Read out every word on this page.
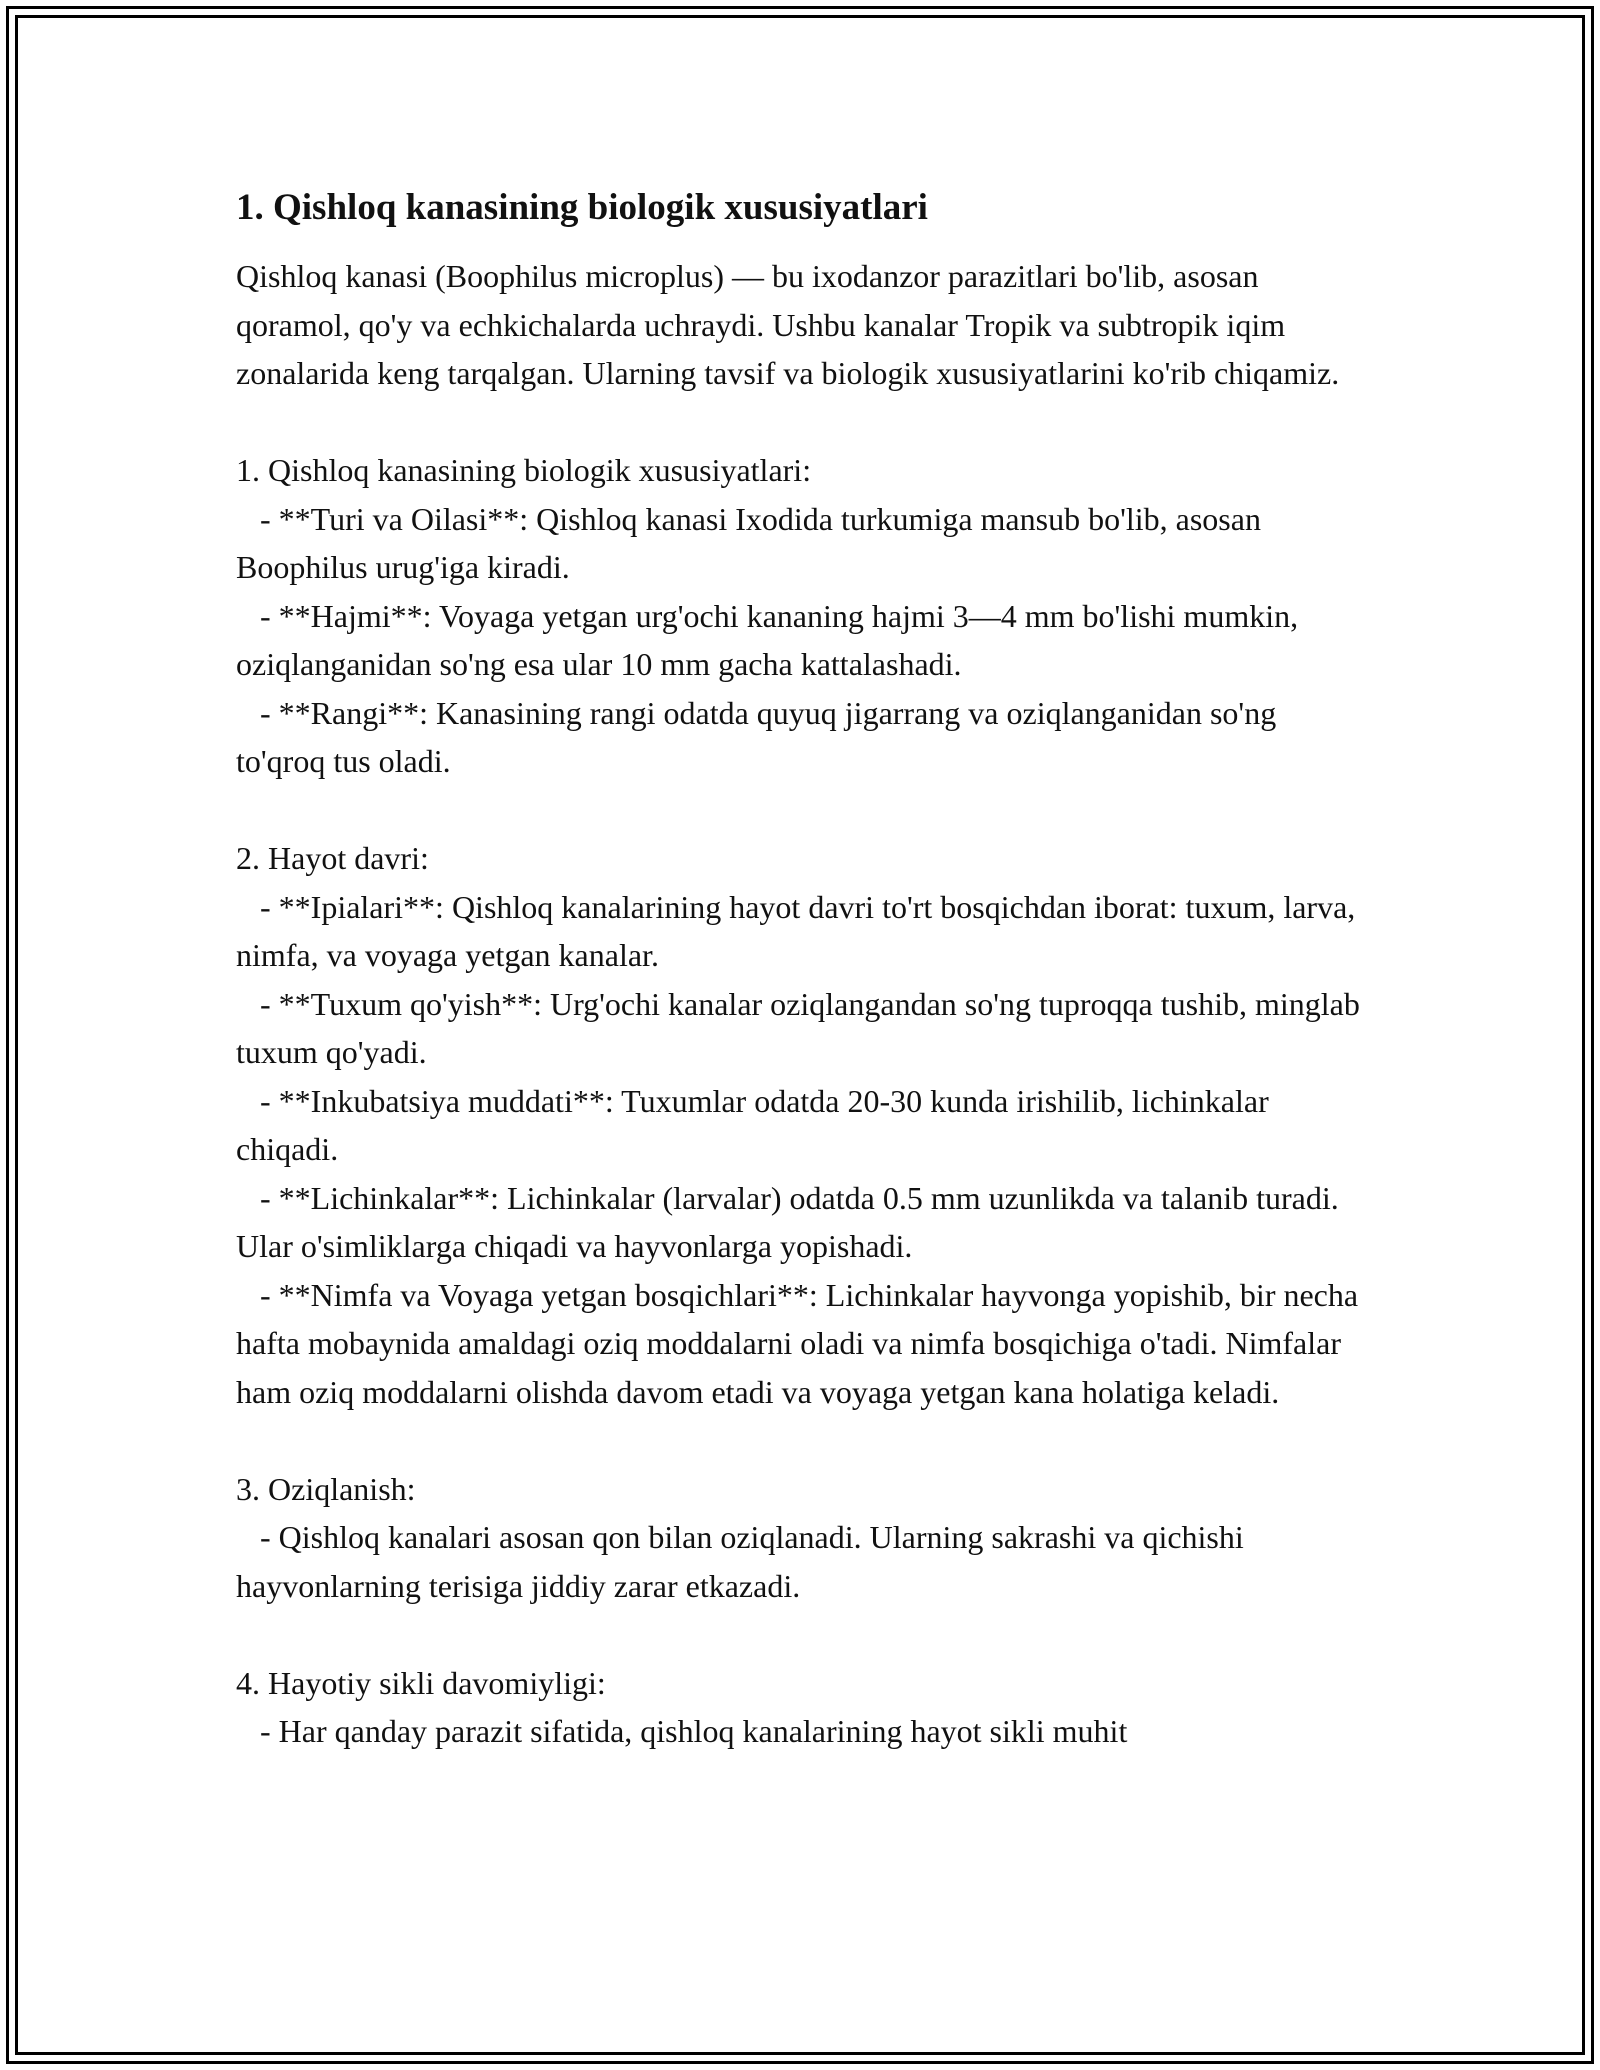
1. Qishloq kanasining biologik xususiyatlari

Qishloq kanasi (Boophilus microplus) — bu ixodanzor parazitlari bo'lib, asosan qoramol, qo'y va echkichalarda uchraydi. Ushbu kanalar Tropik va subtropik iqim zonalarida keng tarqalgan. Ularning tavsif va biologik xususiyatlarini ko'rib chiqamiz.

1. Qishloq kanasining biologik xususiyatlari:

- **Turi va Oilasi**: Qishloq kanasi Ixodida turkumiga mansub bo'lib, asosan Boophilus urug'iga kiradi.

- **Hajmi**: Voyaga yetgan urg'ochi kananing hajmi 3—4 mm bo'lishi mumkin, oziqlanganidan so'ng esa ular 10 mm gacha kattalashadi.

- **Rangi**: Kanasining rangi odatda quyuq jigarrang va oziqlanganidan so'ng to'qroq tus oladi.

2. Hayot davri:

- **Ipialari**: Qishloq kanalarining hayot davri to'rt bosqichdan iborat: tuxum, larva, nimfa, va voyaga yetgan kanalar.

- **Tuxum qo'yish**: Urg'ochi kanalar oziqlangandan so'ng tuproqqa tushib, minglab tuxum qo'yadi.

- **Inkubatsiya muddati**: Tuxumlar odatda 20-30 kunda irishilib, lichinkalar chiqadi.

- **Lichinkalar**: Lichinkalar (larvalar) odatda 0.5 mm uzunlikda va talanib turadi. Ular o'simliklarga chiqadi va hayvonlarga yopishadi.

- **Nimfa va Voyaga yetgan bosqichlari**: Lichinkalar hayvonga yopishib, bir necha hafta mobaynida amaldagi oziq moddalarni oladi va nimfa bosqichiga o'tadi. Nimfalar ham oziq moddalarni olishda davom etadi va voyaga yetgan kana holatiga keladi.

3. Oziqlanish:

- Qishloq kanalari asosan qon bilan oziqlanadi. Ularning sakrashi va qichishi hayvonlarning terisiga jiddiy zarar etkazadi.

4. Hayotiy sikli davomiyligi:

- Har qanday parazit sifatida, qishloq kanalarining hayot sikli muhit
